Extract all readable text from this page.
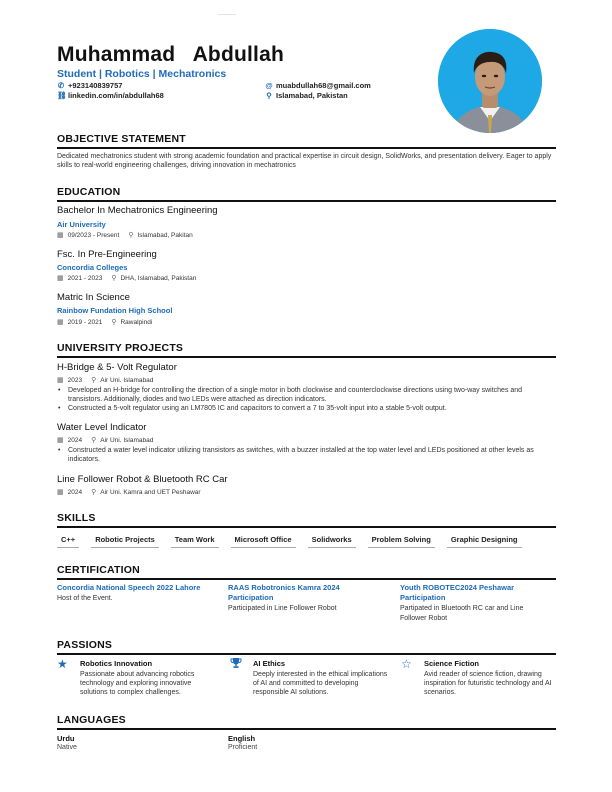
Muhammad  Abdullah
Student | Robotics | Mechatronics
✆ +923140839757
⛓ linkedin.com/in/abdullah68
@ muabdullah68@gmail.com
⚲ Islamabad, Pakistan
OBJECTIVE STATEMENT
Dedicated mechatronics student with strong academic foundation and practical expertise in circuit design, SolidWorks, and presentation delivery. Eager to apply skills to real-world engineering challenges, driving innovation in mechatronics
EDUCATION
Bachelor In Mechatronics Engineering
Air University
▦ 09/2023 - Present ⚲ Islamabad, Pakitan
Fsc. In Pre-Engineering
Concordia Colleges
▦ 2021 - 2023 ⚲ DHA, Islamabad, Pakistan
Matric In Science
Rainbow Fundation High School
▦ 2019 - 2021 ⚲ Rawalpindi
UNIVERSITY PROJECTS
H-Bridge & 5- Volt Regulator
▦ 2023 ⚲ Air Uni. Islamabad
• Developed an H-bridge for controlling the direction of a single motor in both clockwise and counterclockwise directions using two-way switches and transistors. Additionally, diodes and two LEDs were attached as direction indicators.
• Constructed a 5-volt regulator using an LM7805 IC and capacitors to convert a 7 to 35-volt input into a stable 5-volt output.
Water Level Indicator
▦ 2024 ⚲ Air Uni. Islamabad
• Constructed a water level indicator utilizing transistors as switches, with a buzzer installed at the top water level and LEDs positioned at other levels as indicators.
Line Follower Robot & Bluetooth RC Car
▦ 2024 ⚲ Air Uni. Kamra and UET Peshawar
SKILLS
C++	Robotic Projects	Team Work	Microsoft Office	Solidworks	Problem Solving	Graphic Designing
CERTIFICATION
Concordia National Speech 2022 Lahore
Host of the Event.
RAAS Robotronics Kamra 2024 Participation
Participated in Line Follower Robot
Youth ROBOTEC2024 Peshawar Participation
Partipated in Bluetooth RC car and Line Follower Robot
PASSIONS
★ Robotics Innovation
Passionate about advancing robotics technology and exploring innovative solutions to complex challenges.
AI Ethics
Deeply interested in the ethical implications of AI and committed to developing responsible AI solutions.
☆ Science Fiction
Avid reader of science fiction, drawing inspiration for futuristic technology and AI scenarios.
LANGUAGES
Urdu
Native
English
Proficient
